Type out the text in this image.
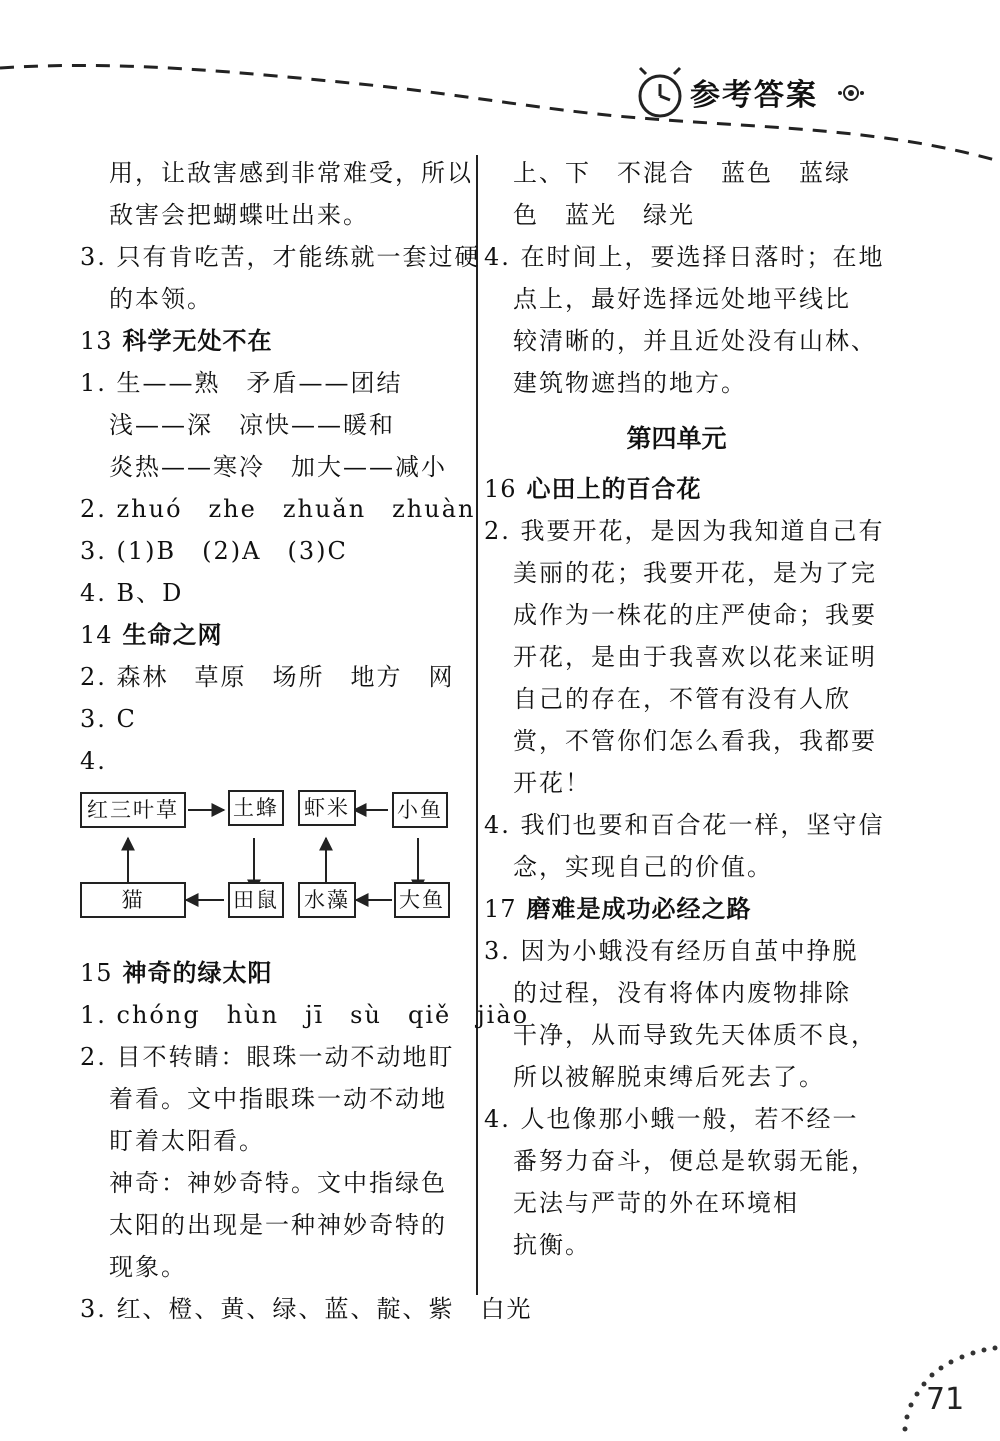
参考答案
用，让敌害感到非常难受，所以
敌害会把蝴蝶吐出来。
3. 只有肯吃苦，才能练就一套过硬
的本领。
13 科学无处不在
1. 生——熟　矛盾——团结
浅——深　凉快——暖和
炎热——寒冷　加大——减小
2. zhuó　zhe　zhuǎn　zhuàn
3. (1)B　(2)A　(3)C
4. B、D
14 生命之网
2. 森林　草原　场所　地方　网
3. C
4.
红三叶草	土蜂 虾米 小鱼
猫	田鼠 水藻 大鱼
15 神奇的绿太阳
1. chóng　hùn　jī　sù　qiě　jiào
2. 目不转睛：眼珠一动不动地盯
着看。文中指眼珠一动不动地
盯着太阳看。
神奇：神妙奇特。文中指绿色
太阳的出现是一种神妙奇特的
现象。
3. 红、橙、黄、绿、蓝、靛、紫　白光
上、下　不混合　蓝色　蓝绿
色　蓝光　绿光
4. 在时间上，要选择日落时；在地
点上，最好选择远处地平线比
较清晰的，并且近处没有山林、
建筑物遮挡的地方。
第四单元
16 心田上的百合花
2. 我要开花，是因为我知道自己有
美丽的花；我要开花，是为了完
成作为一株花的庄严使命；我要
开花，是由于我喜欢以花来证明
自己的存在，不管有没有人欣
赏，不管你们怎么看我，我都要
开花！
4. 我们也要和百合花一样，坚守信
念，实现自己的价值。
17 磨难是成功必经之路
3. 因为小蛾没有经历自茧中挣脱
的过程，没有将体内废物排除
干净，从而导致先天体质不良，
所以被解脱束缚后死去了。
4. 人也像那小蛾一般，若不经一
番努力奋斗，便总是软弱无能，
无法与严苛的外在环境相
抗衡。
71
